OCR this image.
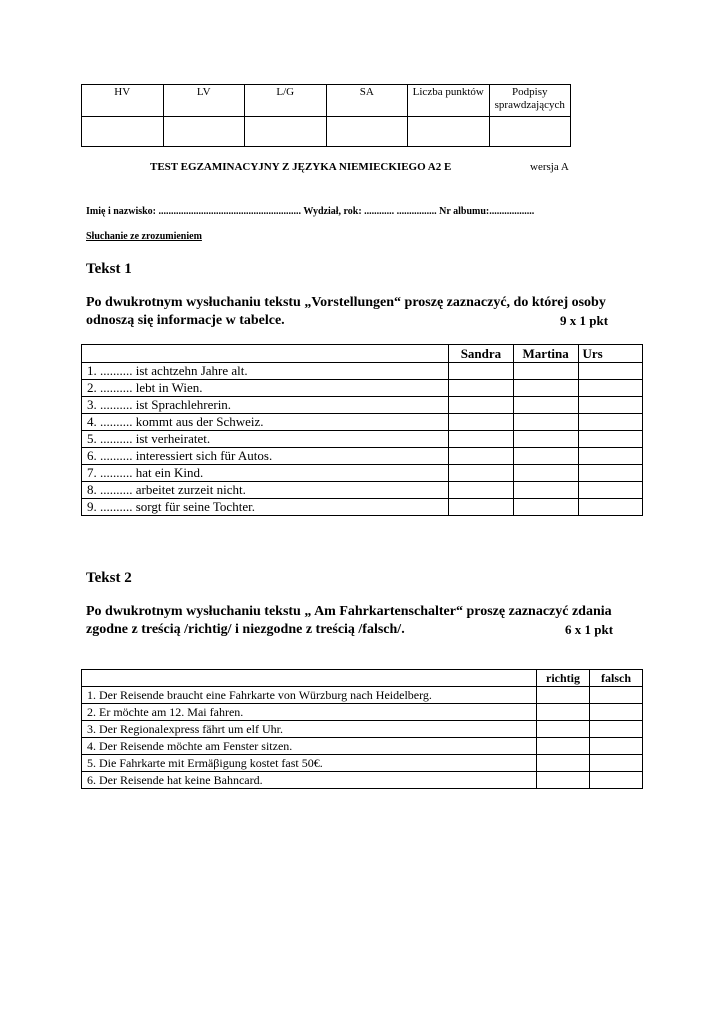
HV	LV	L/G	SA	Liczba punktów	Podpisy sprawdzających

TEST EGZAMINACYJNY Z JĘZYKA NIEMIECKIEGO A2 E	wersja A
Imię i nazwisko: ......................................................... Wydział, rok: ............ ................ Nr albumu:..................
Słuchanie ze zrozumieniem
Tekst 1
Po dwukrotnym wysłuchaniu tekstu „Vorstellungen“ proszę zaznaczyć, do której osoby odnoszą się informacje w tabelce.	9 x 1 pkt
	Sandra	Martina	Urs
1. .......... ist achtzehn Jahre alt.			
2. .......... lebt in Wien.			
3. .......... ist Sprachlehrerin.			
4. .......... kommt aus der Schweiz.			
5. .......... ist verheiratet.			
6. .......... interessiert sich für Autos.			
7. .......... hat ein Kind.			
8. .......... arbeitet zurzeit nicht.			
9. .......... sorgt für seine Tochter.			
Tekst 2
Po dwukrotnym wysłuchaniu tekstu „ Am Fahrkartenschalter“ proszę zaznaczyć zdania zgodne z treścią /richtig/ i niezgodne z treścią /falsch/.	6 x 1 pkt
	richtig	falsch
1. Der Reisende braucht eine Fahrkarte von Würzburg nach Heidelberg.		
2. Er möchte am 12. Mai fahren.		
3. Der Regionalexpress fährt um elf Uhr.		
4. Der Reisende möchte am Fenster sitzen.		
5. Die Fahrkarte mit Ermäβigung kostet fast 50€.		
6. Der Reisende hat keine Bahncard.		
